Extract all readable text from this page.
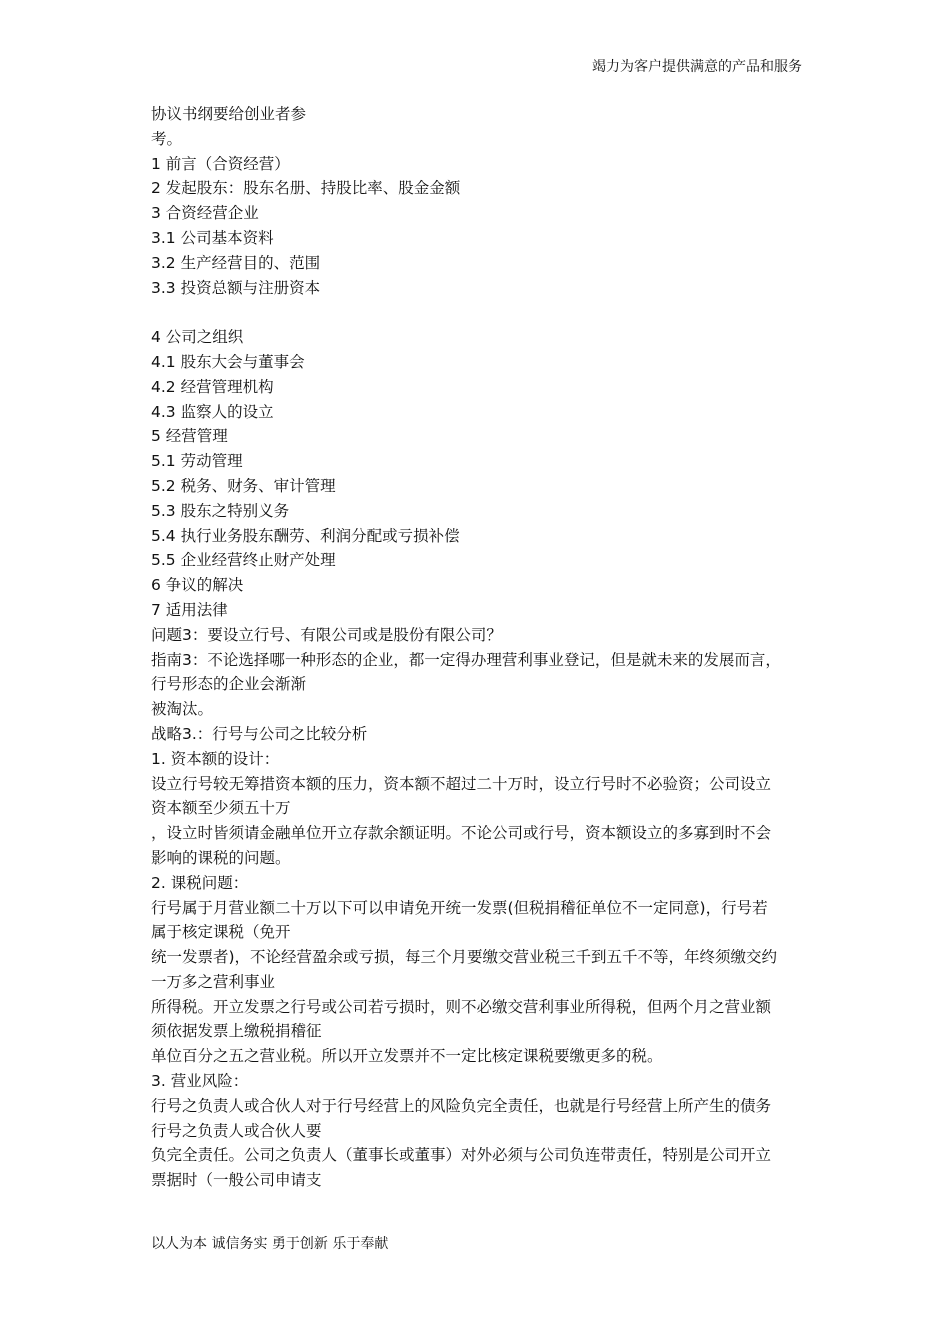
竭力为客户提供满意的产品和服务

协议书纲要给创业者参

考。

1 前言（合资经营）

2 发起股东：股东名册、持股比率、股金金额

3 合资经营企业

3.1 公司基本资料

3.2 生产经营目的、范围

3.3 投资总额与注册资本

4 公司之组织

4.1 股东大会与董事会

4.2 经营管理机构

4.3 监察人的设立

5 经营管理

5.1 劳动管理

5.2 税务、财务、审计管理

5.3 股东之特别义务

5.4 执行业务股东酬劳、利润分配或亏损补偿

5.5 企业经营终止财产处理

6 争议的解决

7 适用法律

问题3：要设立行号、有限公司或是股份有限公司？

指南3：不论选择哪一种形态的企业，都一定得办理营利事业登记，但是就未来的发展而言，

行号形态的企业会渐渐

被淘汰。

战略3.：行号与公司之比较分析

1. 资本额的设计：

设立行号较无筹措资本额的压力，资本额不超过二十万时，设立行号时不必验资；公司设立

资本额至少须五十万

，设立时皆须请金融单位开立存款余额证明。不论公司或行号，资本额设立的多寡到时不会

影响的课税的问题。

2. 课税问题：

行号属于月营业额二十万以下可以申请免开统一发票(但税捐稽征单位不一定同意)，行号若

属于核定课税（免开

统一发票者)，不论经营盈余或亏损，每三个月要缴交营业税三千到五千不等，年终须缴交约

一万多之营利事业

所得税。开立发票之行号或公司若亏损时，则不必缴交营利事业所得税，但两个月之营业额

须依据发票上缴税捐稽征

单位百分之五之营业税。所以开立发票并不一定比核定课税要缴更多的税。

3. 营业风险：

行号之负责人或合伙人对于行号经营上的风险负完全责任，也就是行号经营上所产生的债务

行号之负责人或合伙人要

负完全责任。公司之负责人（董事长或董事）对外必须与公司负连带责任，特别是公司开立

票据时（一般公司申请支

以人为本 诚信务实 勇于创新 乐于奉献
